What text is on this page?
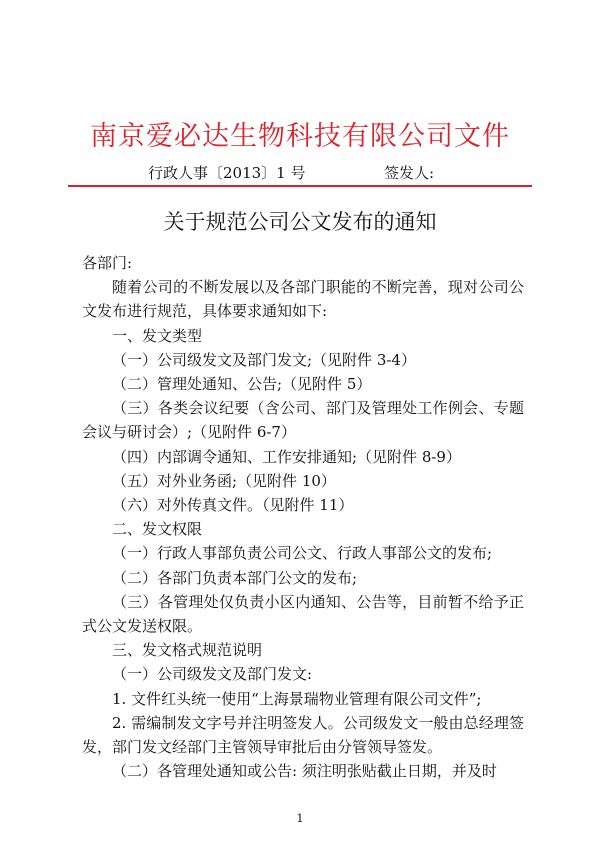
南京爱必达生物科技有限公司文件
行政人事〔2013〕1 号	签发人:
关于规范公司公文发布的通知

各部门:

随着公司的不断发展以及各部门职能的不断完善，现对公司公文发布进行规范，具体要求通知如下:

一、发文类型

（一）公司级发文及部门发文;（见附件 3-4）

（二）管理处通知、公告;（见附件 5）

（三）各类会议纪要（含公司、部门及管理处工作例会、专题会议与研讨会）;（见附件 6-7）

（四）内部调令通知、工作安排通知;（见附件 8-9）

（五）对外业务函;（见附件 10）

（六）对外传真文件。（见附件 11）

二、发文权限

（一）行政人事部负责公司公文、行政人事部公文的发布;

（二）各部门负责本部门公文的发布;

（三）各管理处仅负责小区内通知、公告等，目前暂不给予正式公文发送权限。

三、发文格式规范说明

（一）公司级发文及部门发文:

1. 文件红头统一使用“上海景瑞物业管理有限公司文件”;

2. 需编制发文字号并注明签发人。公司级发文一般由总经理签发，部门发文经部门主管领导审批后由分管领导签发。

（二）各管理处通知或公告: 须注明张贴截止日期，并及时

1
